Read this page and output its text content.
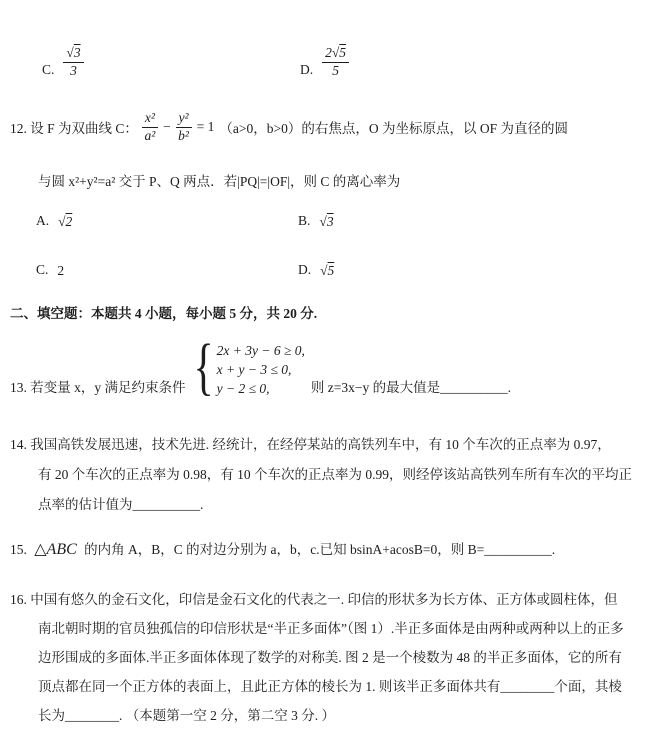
C. $\frac{√3}{3}$	D. $\frac{2√5}{5}$
12. 设 F 为双曲线 C： $\frac{\text{x²}}{\text{a²}} - \frac{\text{y²}}{\text{b²}} = 1$ （a>0，b>0）的右焦点，O 为坐标原点，以 OF 为直径的圆
与圆 x²+y²=a² 交于 P、Q 两点．若|PQ|=|OF|，则 C 的离心率为
A. √2	B. √3
C. 2	D. √5
二、填空题：本题共 4 小题，每小题 5 分，共 20 分.
13. 若变量 x，y 满足约束条件 { 2x + 3y − 6 ≥ 0,
x + y − 3 ≤ 0,
y − 2 ≤ 0,	则 z=3x−y 的最大值是__________.
14. 我国高铁发展迅速，技术先进. 经统计，在经停某站的高铁列车中，有 10 个车次的正点率为 0.97，
有 20 个车次的正点率为 0.98，有 10 个车次的正点率为 0.99，则经停该站高铁列车所有车次的平均正
点率的估计值为__________.
15. △ABC 的内角 A，B，C 的对边分别为 a，b，c.已知 bsinA+acosB=0，则 B=__________.
16. 中国有悠久的金石文化，印信是金石文化的代表之一. 印信的形状多为长方体、正方体或圆柱体，但
南北朝时期的官员独孤信的印信形状是“半正多面体”（图 1）.半正多面体是由两种或两种以上的正多
边形围成的多面体.半正多面体体现了数学的对称美. 图 2 是一个棱数为 48 的半正多面体，它的所有
顶点都在同一个正方体的表面上，且此正方体的棱长为 1. 则该半正多面体共有________个面，其棱
长为________. （本题第一空 2 分，第二空 3 分. ）
